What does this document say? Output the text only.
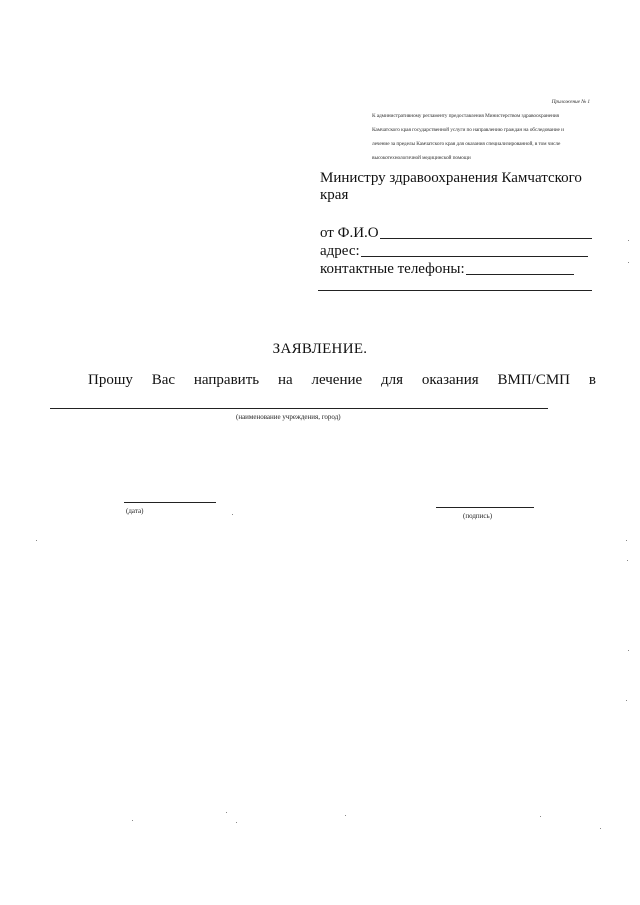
Приложение № 1
К административному регламенту предоставления Министерством здравоохранения
Камчатского края государственной услуги по направлению граждан на обследование и
лечение за пределы Камчатского края для оказания специализированной, в том числе
высокотехнологичной медицинской помощи
Министру здравоохранения Камчатского края
от Ф.И.О
адрес:
контактные телефоны:
ЗАЯВЛЕНИЕ.
Прошу Вас направить на лечение для оказания ВМП/СМП в
(наименование учреждения, город)
(дата)
(подпись)
